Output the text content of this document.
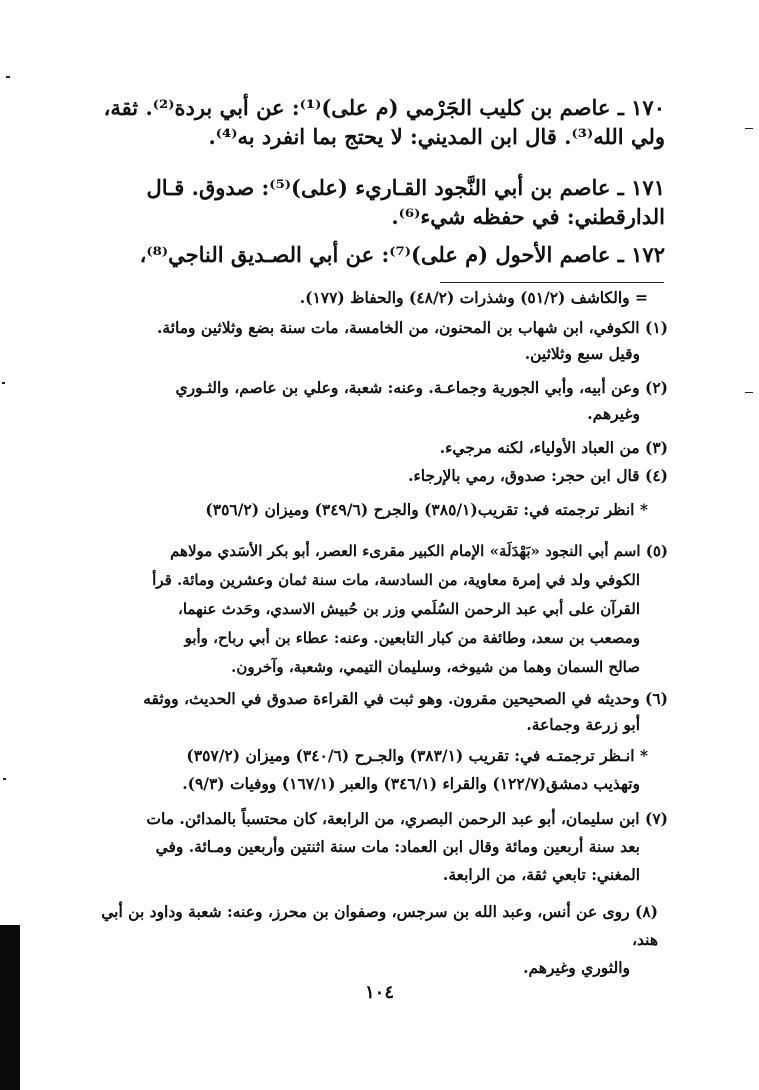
١٧٠ ـ عاصم بن كليب الجَرْمي (م على)⁽¹⁾: عن أبي بردة⁽²⁾. ثقة،

ولي الله⁽³⁾. قال ابن المديني: لا يحتج بما انفرد به⁽⁴⁾.

١٧١ ـ عاصم بن أبي النَّجود القـاريء (على)⁽⁵⁾: صدوق. قـال

الدارقطني: في حفظه شيء⁽⁶⁾.

١٧٢ ـ عاصم الأحول (م على)⁽⁷⁾: عن أبي الصـديق الناجي⁽⁸⁾،

= والكاشف (٥١/٢) وشذرات (٤٨/٢) والحفاظ (١٧٧).
(١) الكوفي، ابن شهاب بن المحنون، من الخامسة، مات سنة بضع وثلاثين ومائة.
وقيل سبع وثلاثين.
(٢) وعن أبيه، وأبي الجورية وجماعـة. وعنه: شعبة، وعلي بن عاصم، والثـوري
وغيرهم.
(٣) من العباد الأولياء، لكنه مرجيء.
(٤) قال ابن حجر: صدوق، رمي بالإرجاء.
* انظر ترجمته في: تقريب(٣٨٥/١) والجرح (٣٤٩/٦) وميزان (٣٥٦/٢)
(٥) اسم أبي النجود «بَهْدَلَة» الإمام الكبير مقرىء العصر، أبو بكر الأسَدي مولاهم

الكوفي ولد في إمرة معاوية، من السادسة، مات سنة ثمان وعشرين ومائة. قرأ
القرآن على أبي عبد الرحمن السُلَمي وزر بن حُبيش الاسدي، وحَدث عنهما،
ومصعب بن سعد، وطائفة من كبار التابعين. وعنه: عطاء بن أبي رباح، وأبو
صالح السمان وهما من شيوخه، وسليمان التيمي، وشعبة، وآخرون.
(٦) وحديثه في الصحيحين مقرون. وهو ثبت في القراءة صدوق في الحديث، ووثقه
أبو زرعة وجماعة.
* انـظر ترجمتـه في: تقريب (٣٨٣/١) والجـرح (٣٤٠/٦) وميزان (٣٥٧/٢)
وتهذيب دمشق(١٢٢/٧) والقراء (٣٤٦/١) والعبر (١٦٧/١) ووفيات (٩/٣).
(٧) ابن سليمان، أبو عبد الرحمن البصري، من الرابعة، كان محتسباً بالمدائن. مات

بعد سنة أربعين ومائة وقال ابن العماد: مات سنة اثنتين وأربعين ومـائة. وفي
المغني: تابعي ثقة، من الرابعة.
(٨) روى عن أنس، وعبد الله بن سرجس، وصفوان بن محرز، وعنه: شعبة وداود بن أبي هند،
والثوري وغيرهم.
١٠٤
